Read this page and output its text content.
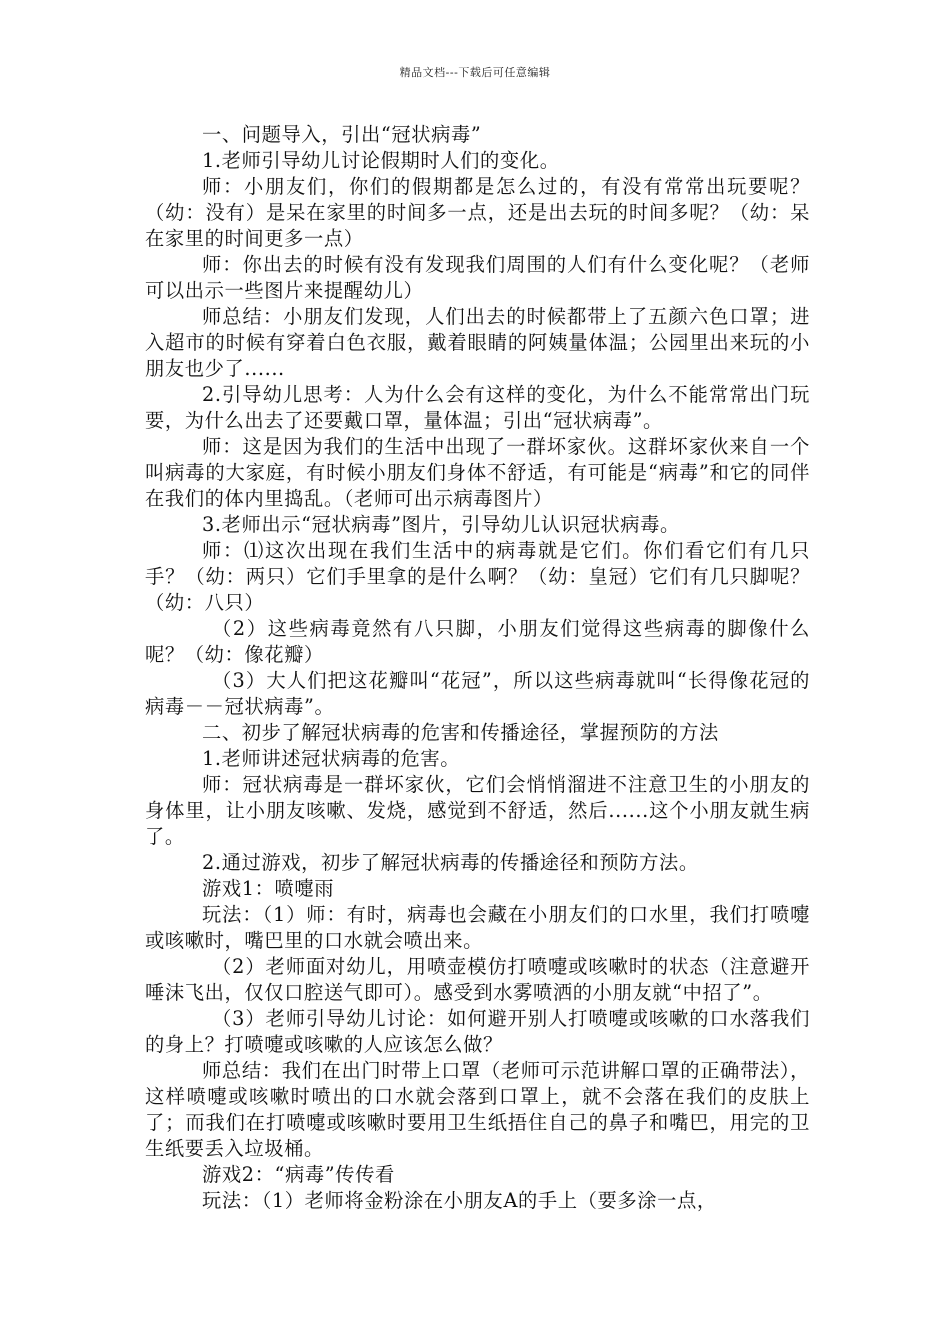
精品文档---下载后可任意编辑

一、问题导入，引出“冠状病毒”

1.老师引导幼儿讨论假期时人们的变化。

师：小朋友们，你们的假期都是怎么过的，有没有常常出玩要呢？（幼：没有）是呆在家里的时间多一点，还是出去玩的时间多呢？（幼：呆在家里的时间更多一点）

师：你出去的时候有没有发现我们周围的人们有什么变化呢？（老师可以出示一些图片来提醒幼儿）

师总结：小朋友们发现，人们出去的时候都带上了五颜六色口罩；进入超市的时候有穿着白色衣服，戴着眼睛的阿姨量体温；公园里出来玩的小朋友也少了......

2.引导幼儿思考：人为什么会有这样的变化，为什么不能常常出门玩要，为什么出去了还要戴口罩，量体温；引出“冠状病毒”。

师：这是因为我们的生活中出现了一群坏家伙。这群坏家伙来自一个叫病毒的大家庭，有时候小朋友们身体不舒适，有可能是“病毒”和它的同伴在我们的体内里捣乱。（老师可出示病毒图片）

3.老师出示“冠状病毒”图片，引导幼儿认识冠状病毒。

师：⑴这次出现在我们生活中的病毒就是它们。你们看它们有几只手？（幼：两只）它们手里拿的是什么啊？（幼：皇冠）它们有几只脚呢？（幼：八只）

（2）这些病毒竟然有八只脚，小朋友们觉得这些病毒的脚像什么呢？（幼：像花瓣）

（3）大人们把这花瓣叫“花冠”，所以这些病毒就叫“长得像花冠的病毒－－冠状病毒”。

二、初步了解冠状病毒的危害和传播途径，掌握预防的方法

1.老师讲述冠状病毒的危害。

师：冠状病毒是一群坏家伙，它们会悄悄溜进不注意卫生的小朋友的身体里，让小朋友咳嗽、发烧，感觉到不舒适，然后......这个小朋友就生病了。

2.通过游戏，初步了解冠状病毒的传播途径和预防方法。

游戏1：喷嚏雨

玩法：（1）师：有时，病毒也会藏在小朋友们的口水里，我们打喷嚏或咳嗽时，嘴巴里的口水就会喷出来。

（2）老师面对幼儿，用喷壶模仿打喷嚏或咳嗽时的状态（注意避开唾沫飞出，仅仅口腔送气即可）。感受到水雾喷洒的小朋友就“中招了”。

（3）老师引导幼儿讨论：如何避开别人打喷嚏或咳嗽的口水落我们的身上？打喷嚏或咳嗽的人应该怎么做？

师总结：我们在出门时带上口罩（老师可示范讲解口罩的正确带法），这样喷嚏或咳嗽时喷出的口水就会落到口罩上，就不会落在我们的皮肤上了；而我们在打喷嚏或咳嗽时要用卫生纸捂住自己的鼻子和嘴巴，用完的卫生纸要丢入垃圾桶。

游戏2：“病毒”传传看

玩法：（1）老师将金粉涂在小朋友A的手上（要多涂一点，
